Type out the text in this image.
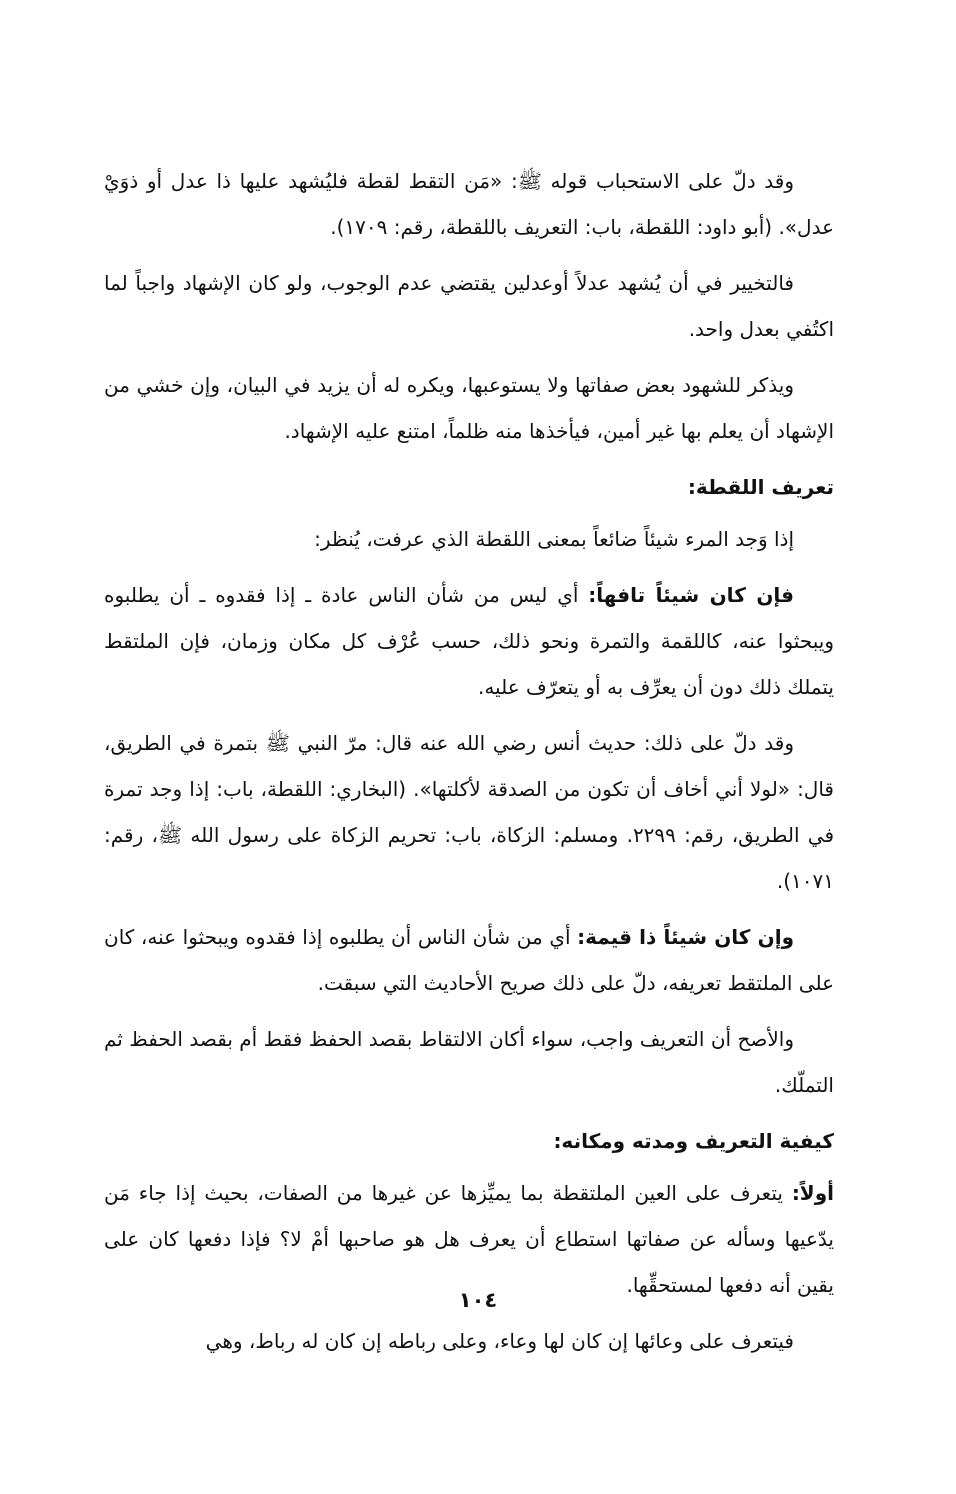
وقد دلّ على الاستحباب قوله ﷺ: «مَن التقط لقطة فليُشهد عليها ذا عدل أو ذوَيْ عدل». (أبو داود: اللقطة، باب: التعريف باللقطة، رقم: ١٧٠٩).

فالتخيير في أن يُشهد عدلاً أوعدلين يقتضي عدم الوجوب، ولو كان الإشهاد واجباً لما اكتُفي بعدل واحد.

ويذكر للشهود بعض صفاتها ولا يستوعبها، ويكره له أن يزيد في البيان، وإن خشي من الإشهاد أن يعلم بها غير أمين، فيأخذها منه ظلماً، امتنع عليه الإشهاد.

تعريف اللقطة:

إذا وَجد المرء شيئاً ضائعاً بمعنى اللقطة الذي عرفت، يُنظر:

فإن كان شيئاً تافهاً: أي ليس من شأن الناس عادة ـ إذا فقدوه ـ أن يطلبوه ويبحثوا عنه، كاللقمة والتمرة ونحو ذلك، حسب عُرْف كل مكان وزمان، فإن الملتقط يتملك ذلك دون أن يعرِّف به أو يتعرّف عليه.

وقد دلّ على ذلك: حديث أنس رضي الله عنه قال: مرّ النبي ﷺ بتمرة في الطريق، قال: «لولا أني أخاف أن تكون من الصدقة لأكلتها». (البخاري: اللقطة، باب: إذا وجد تمرة في الطريق، رقم: ٢٢٩٩. ومسلم: الزكاة، باب: تحريم الزكاة على رسول الله ﷺ، رقم: ١٠٧١).

وإن كان شيئاً ذا قيمة: أي من شأن الناس أن يطلبوه إذا فقدوه ويبحثوا عنه، كان على الملتقط تعريفه، دلّ على ذلك صريح الأحاديث التي سبقت.

والأصح أن التعريف واجب، سواء أكان الالتقاط بقصد الحفظ فقط أم بقصد الحفظ ثم التملّك.

كيفية التعريف ومدته ومكانه:

أولاً: يتعرف على العين الملتقطة بما يميِّزها عن غيرها من الصفات، بحيث إذا جاء مَن يدّعيها وسأله عن صفاتها استطاع أن يعرف هل هو صاحبها أمْ لا؟ فإذا دفعها كان على يقين أنه دفعها لمستحقِّها.

فيتعرف على وعائها إن كان لها وعاء، وعلى رباطه إن كان له رباط، وهي

١٠٤
